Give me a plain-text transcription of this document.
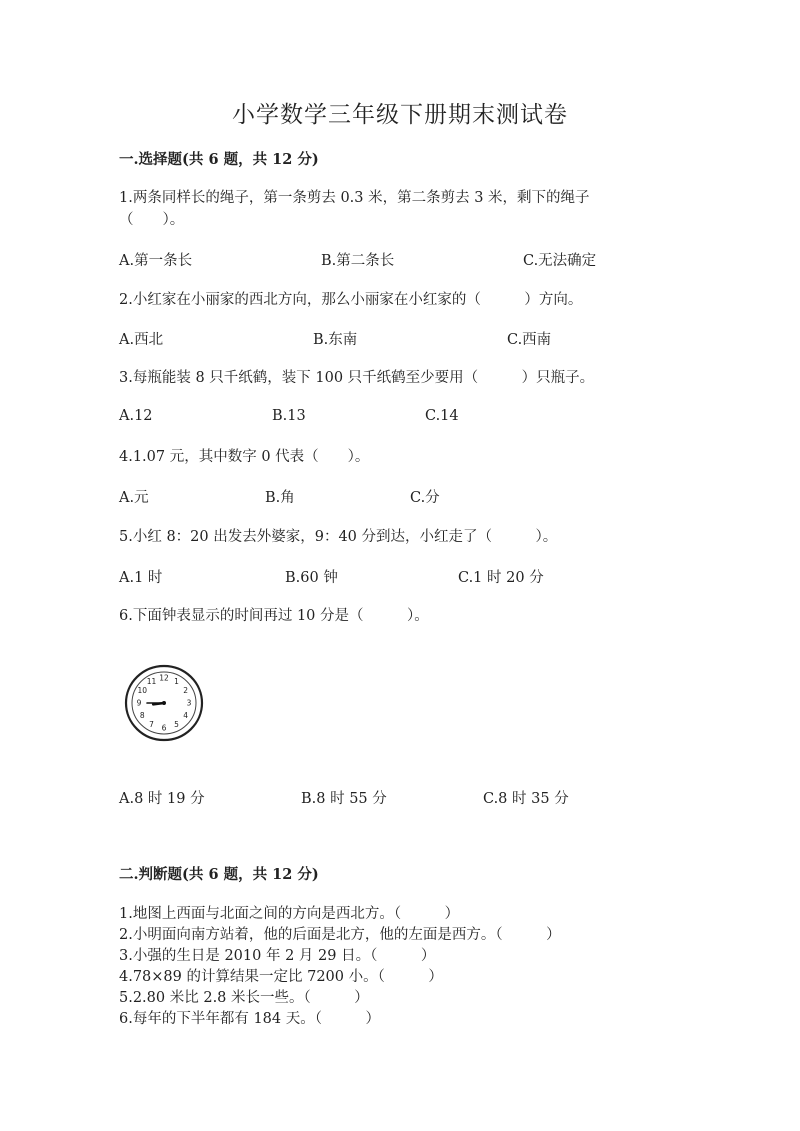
小学数学三年级下册期末测试卷
一.选择题(共 6 题，共 12 分)
1.两条同样长的绳子，第一条剪去 0.3 米，第二条剪去 3 米，剩下的绳子
（　　）。
A.第一条长	B.第二条长	C.无法确定
2.小红家在小丽家的西北方向，那么小丽家在小红家的（　　　）方向。
A.西北	B.东南	C.西南
3.每瓶能装 8 只千纸鹤，装下 100 只千纸鹤至少要用（　　　）只瓶子。
A.12	B.13	C.14
4.1.07 元，其中数字 0 代表（　　）。
A.元	B.角	C.分
5.小红 8：20 出发去外婆家，9：40 分到达，小红走了（　　　）。
A.1 时	B.60 钟	C.1 时 20 分
6.下面钟表显示的时间再过 10 分是（　　　）。
12 1
2
3
4
5
6
7
8
9
10
11
A.8 时 19 分	B.8 时 55 分	C.8 时 35 分
二.判断题(共 6 题，共 12 分)
1.地图上西面与北面之间的方向是西北方。（　　　）
2.小明面向南方站着，他的后面是北方，他的左面是西方。（　　　）
3.小强的生日是 2010 年 2 月 29 日。（　　　）
4.78×89 的计算结果一定比 7200 小。（　　　）
5.2.80 米比 2.8 米长一些。（　　　）
6.每年的下半年都有 184 天。（　　　）
